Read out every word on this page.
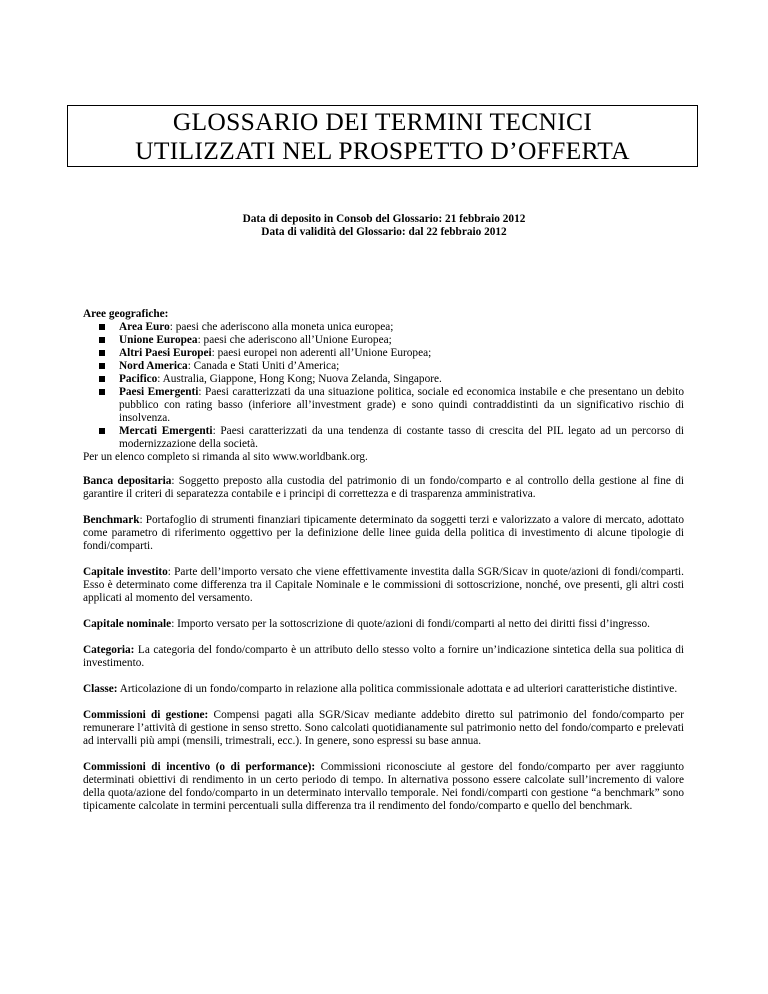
GLOSSARIO DEI TERMINI TECNICI
UTILIZZATI NEL PROSPETTO D’OFFERTA
Data di deposito in Consob del Glossario: 21 febbraio 2012
Data di validità del Glossario: dal 22 febbraio 2012

Aree geografiche:

Area Euro: paesi che aderiscono alla moneta unica europea;
Unione Europea: paesi che aderiscono all’Unione Europea;
Altri Paesi Europei: paesi europei non aderenti all’Unione Europea;
Nord America: Canada e Stati Uniti d’America;
Pacifico: Australia, Giappone, Hong Kong; Nuova Zelanda, Singapore.
Paesi Emergenti: Paesi caratterizzati da una situazione politica, sociale ed economica instabile e che presentano un debito pubblico con rating basso (inferiore all’investment grade) e sono quindi contraddistinti da un significativo rischio di insolvenza.
Mercati Emergenti: Paesi caratterizzati da una tendenza di costante tasso di crescita del PIL legato ad un percorso di modernizzazione della società.

Per un elenco completo si rimanda al sito www.worldbank.org.

Banca depositaria: Soggetto preposto alla custodia del patrimonio di un fondo/comparto e al controllo della gestione al fine di garantire il criteri di separatezza contabile e i principi di correttezza e di trasparenza amministrativa.

Benchmark: Portafoglio di strumenti finanziari tipicamente determinato da soggetti terzi e valorizzato a valore di mercato, adottato come parametro di riferimento oggettivo per la definizione delle linee guida della politica di investimento di alcune tipologie di fondi/comparti.

Capitale investito: Parte dell’importo versato che viene effettivamente investita dalla SGR/Sicav in quote/azioni di fondi/comparti. Esso è determinato come differenza tra il Capitale Nominale e le commissioni di sottoscrizione, nonché, ove presenti, gli altri costi applicati al momento del versamento.

Capitale nominale: Importo versato per la sottoscrizione di quote/azioni di fondi/comparti al netto dei diritti fissi d’ingresso.

Categoria: La categoria del fondo/comparto è un attributo dello stesso volto a fornire un’indicazione sintetica della sua politica di investimento.

Classe: Articolazione di un fondo/comparto in relazione alla politica commissionale adottata e ad ulteriori caratteristiche distintive.

Commissioni di gestione: Compensi pagati alla SGR/Sicav mediante addebito diretto sul patrimonio del fondo/comparto per remunerare l’attività di gestione in senso stretto. Sono calcolati quotidianamente sul patrimonio netto del fondo/comparto e prelevati ad intervalli più ampi (mensili, trimestrali, ecc.). In genere, sono espressi su base annua.

Commissioni di incentivo (o di performance): Commissioni riconosciute al gestore del fondo/comparto per aver raggiunto determinati obiettivi di rendimento in un certo periodo di tempo. In alternativa possono essere calcolate sull’incremento di valore della quota/azione del fondo/comparto in un determinato intervallo temporale. Nei fondi/comparti con gestione “a benchmark” sono tipicamente calcolate in termini percentuali sulla differenza tra il rendimento del fondo/comparto e quello del benchmark.
